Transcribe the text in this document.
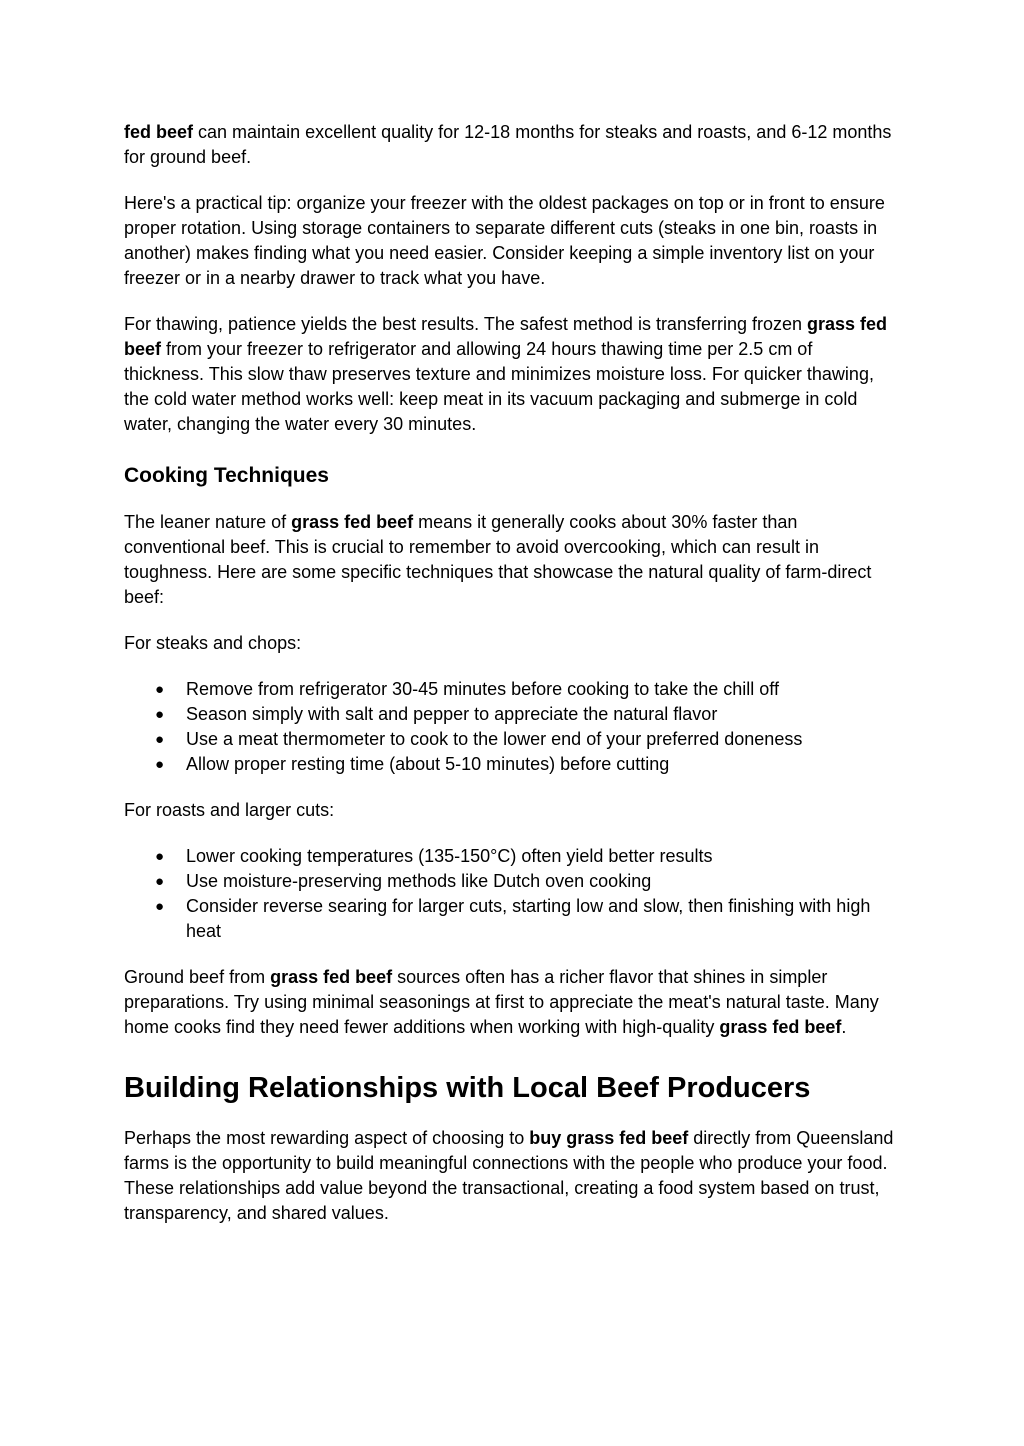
fed beef can maintain excellent quality for 12-18 months for steaks and roasts, and 6-12 months for ground beef.

Here's a practical tip: organize your freezer with the oldest packages on top or in front to ensure proper rotation. Using storage containers to separate different cuts (steaks in one bin, roasts in another) makes finding what you need easier. Consider keeping a simple inventory list on your freezer or in a nearby drawer to track what you have.

For thawing, patience yields the best results. The safest method is transferring frozen grass fed beef from your freezer to refrigerator and allowing 24 hours thawing time per 2.5 cm of thickness. This slow thaw preserves texture and minimizes moisture loss. For quicker thawing, the cold water method works well: keep meat in its vacuum packaging and submerge in cold water, changing the water every 30 minutes.

Cooking Techniques

The leaner nature of grass fed beef means it generally cooks about 30% faster than conventional beef. This is crucial to remember to avoid overcooking, which can result in toughness. Here are some specific techniques that showcase the natural quality of farm-direct beef:

For steaks and chops:

● Remove from refrigerator 30-45 minutes before cooking to take the chill off
● Season simply with salt and pepper to appreciate the natural flavor
● Use a meat thermometer to cook to the lower end of your preferred doneness
● Allow proper resting time (about 5-10 minutes) before cutting

For roasts and larger cuts:

● Lower cooking temperatures (135-150°C) often yield better results
● Use moisture-preserving methods like Dutch oven cooking
● Consider reverse searing for larger cuts, starting low and slow, then finishing with high heat

Ground beef from grass fed beef sources often has a richer flavor that shines in simpler preparations. Try using minimal seasonings at first to appreciate the meat's natural taste. Many home cooks find they need fewer additions when working with high-quality grass fed beef.

Building Relationships with Local Beef Producers

Perhaps the most rewarding aspect of choosing to buy grass fed beef directly from Queensland farms is the opportunity to build meaningful connections with the people who produce your food. These relationships add value beyond the transactional, creating a food system based on trust, transparency, and shared values.
